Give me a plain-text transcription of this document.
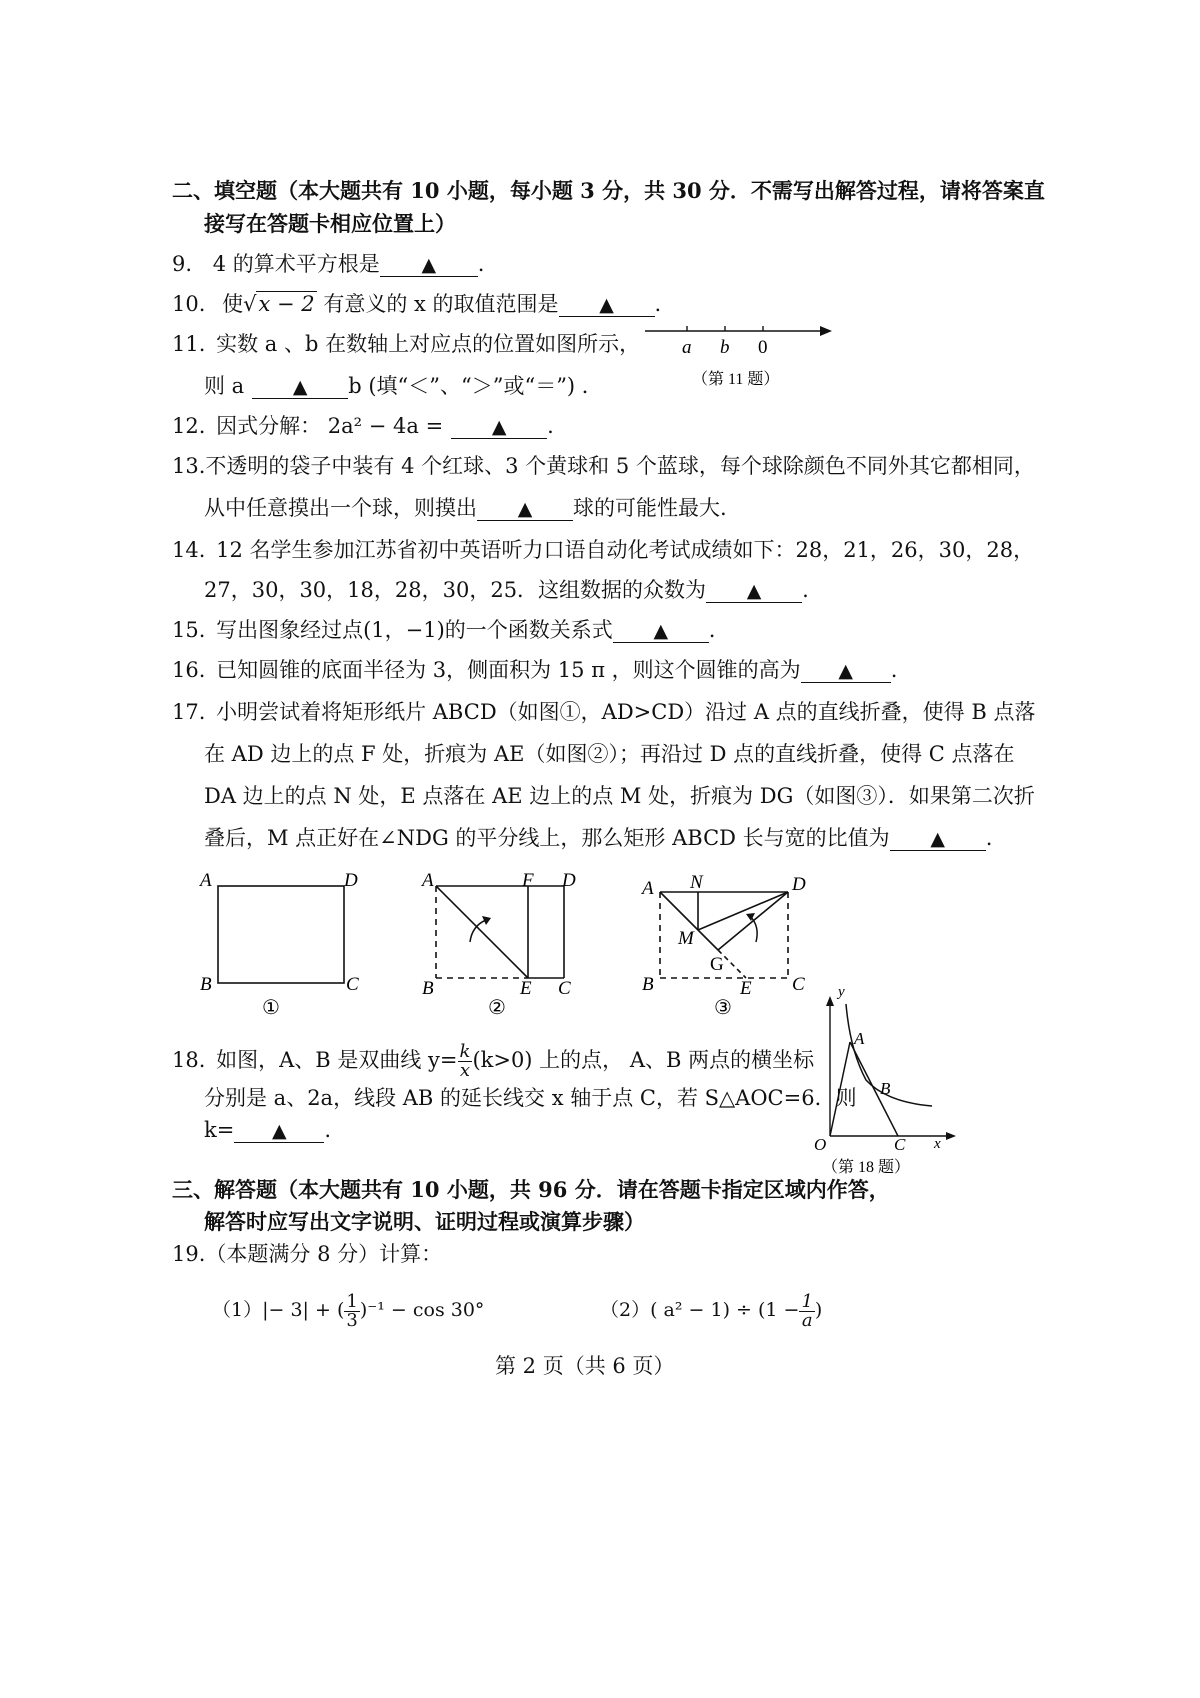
二、填空题（本大题共有 10 小题，每小题 3 分，共 30 分．不需写出解答过程，请将答案直
接写在答题卡相应位置上）
9. 4 的算术平方根是 ▲ .
10. 使√x − 2 有意义的 x 的取值范围是 ▲ .
11. 实数 a 、b 在数轴上对应点的位置如图所示，
则 a	▲ b (填“＜”、“＞”或“＝”) ．
a b 0
（第 11 题）
12. 因式分解： 2a² − 4a =	▲ .
13.不透明的袋子中装有 4 个红球、3 个黄球和 5 个蓝球，每个球除颜色不同外其它都相同，
从中任意摸出一个球，则摸出 ▲ 球的可能性最大.
14. 12 名学生参加江苏省初中英语听力口语自动化考试成绩如下：28，21，26，30，28，
27，30，30，18，28，30，25．这组数据的众数为 ▲ .
15. 写出图象经过点(1，−1)的一个函数关系式 ▲ .
16. 已知圆锥的底面半径为 3，侧面积为 15 π ，则这个圆锥的高为 ▲ .
17. 小明尝试着将矩形纸片 ABCD（如图①，AD>CD）沿过 A 点的直线折叠，使得 B 点落
在 AD 边上的点 F 处，折痕为 AE（如图②）；再沿过 D 点的直线折叠，使得 C 点落在
DA 边上的点 N 处，E 点落在 AE 边上的点 M 处，折痕为 DG（如图③）．如果第二次折
叠后，M 点正好在∠NDG 的平分线上，那么矩形 ABCD 长与宽的比值为 ▲ .
A	D
B	C
①
A	F D
B	E C
②
A N	D
M
G
B	E C
③
18. 如图，A、B 是双曲线 $y= \frac{k}{x} (k>0)$ 上的点， A、B 两点的横坐标
分别是 a、2a，线段 AB 的延长线交 x 轴于点 C，若 S△AOC=6．则
k= ▲ .
y
A
B
O	C x
（第 18 题）
三、解答题（本大题共有 10 小题，共 96 分．请在答题卡指定区域内作答，
解答时应写出文字说明、证明过程或演算步骤）
19.（本题满分 8 分）计算：
（1）|− 3| + ( $\frac{1}{3} )^{-1} - \cos 30^\circ$	（2）( $a^2 - 1) \div (1 - \frac{1}{a}$ )
第 2 页（共 6 页）
